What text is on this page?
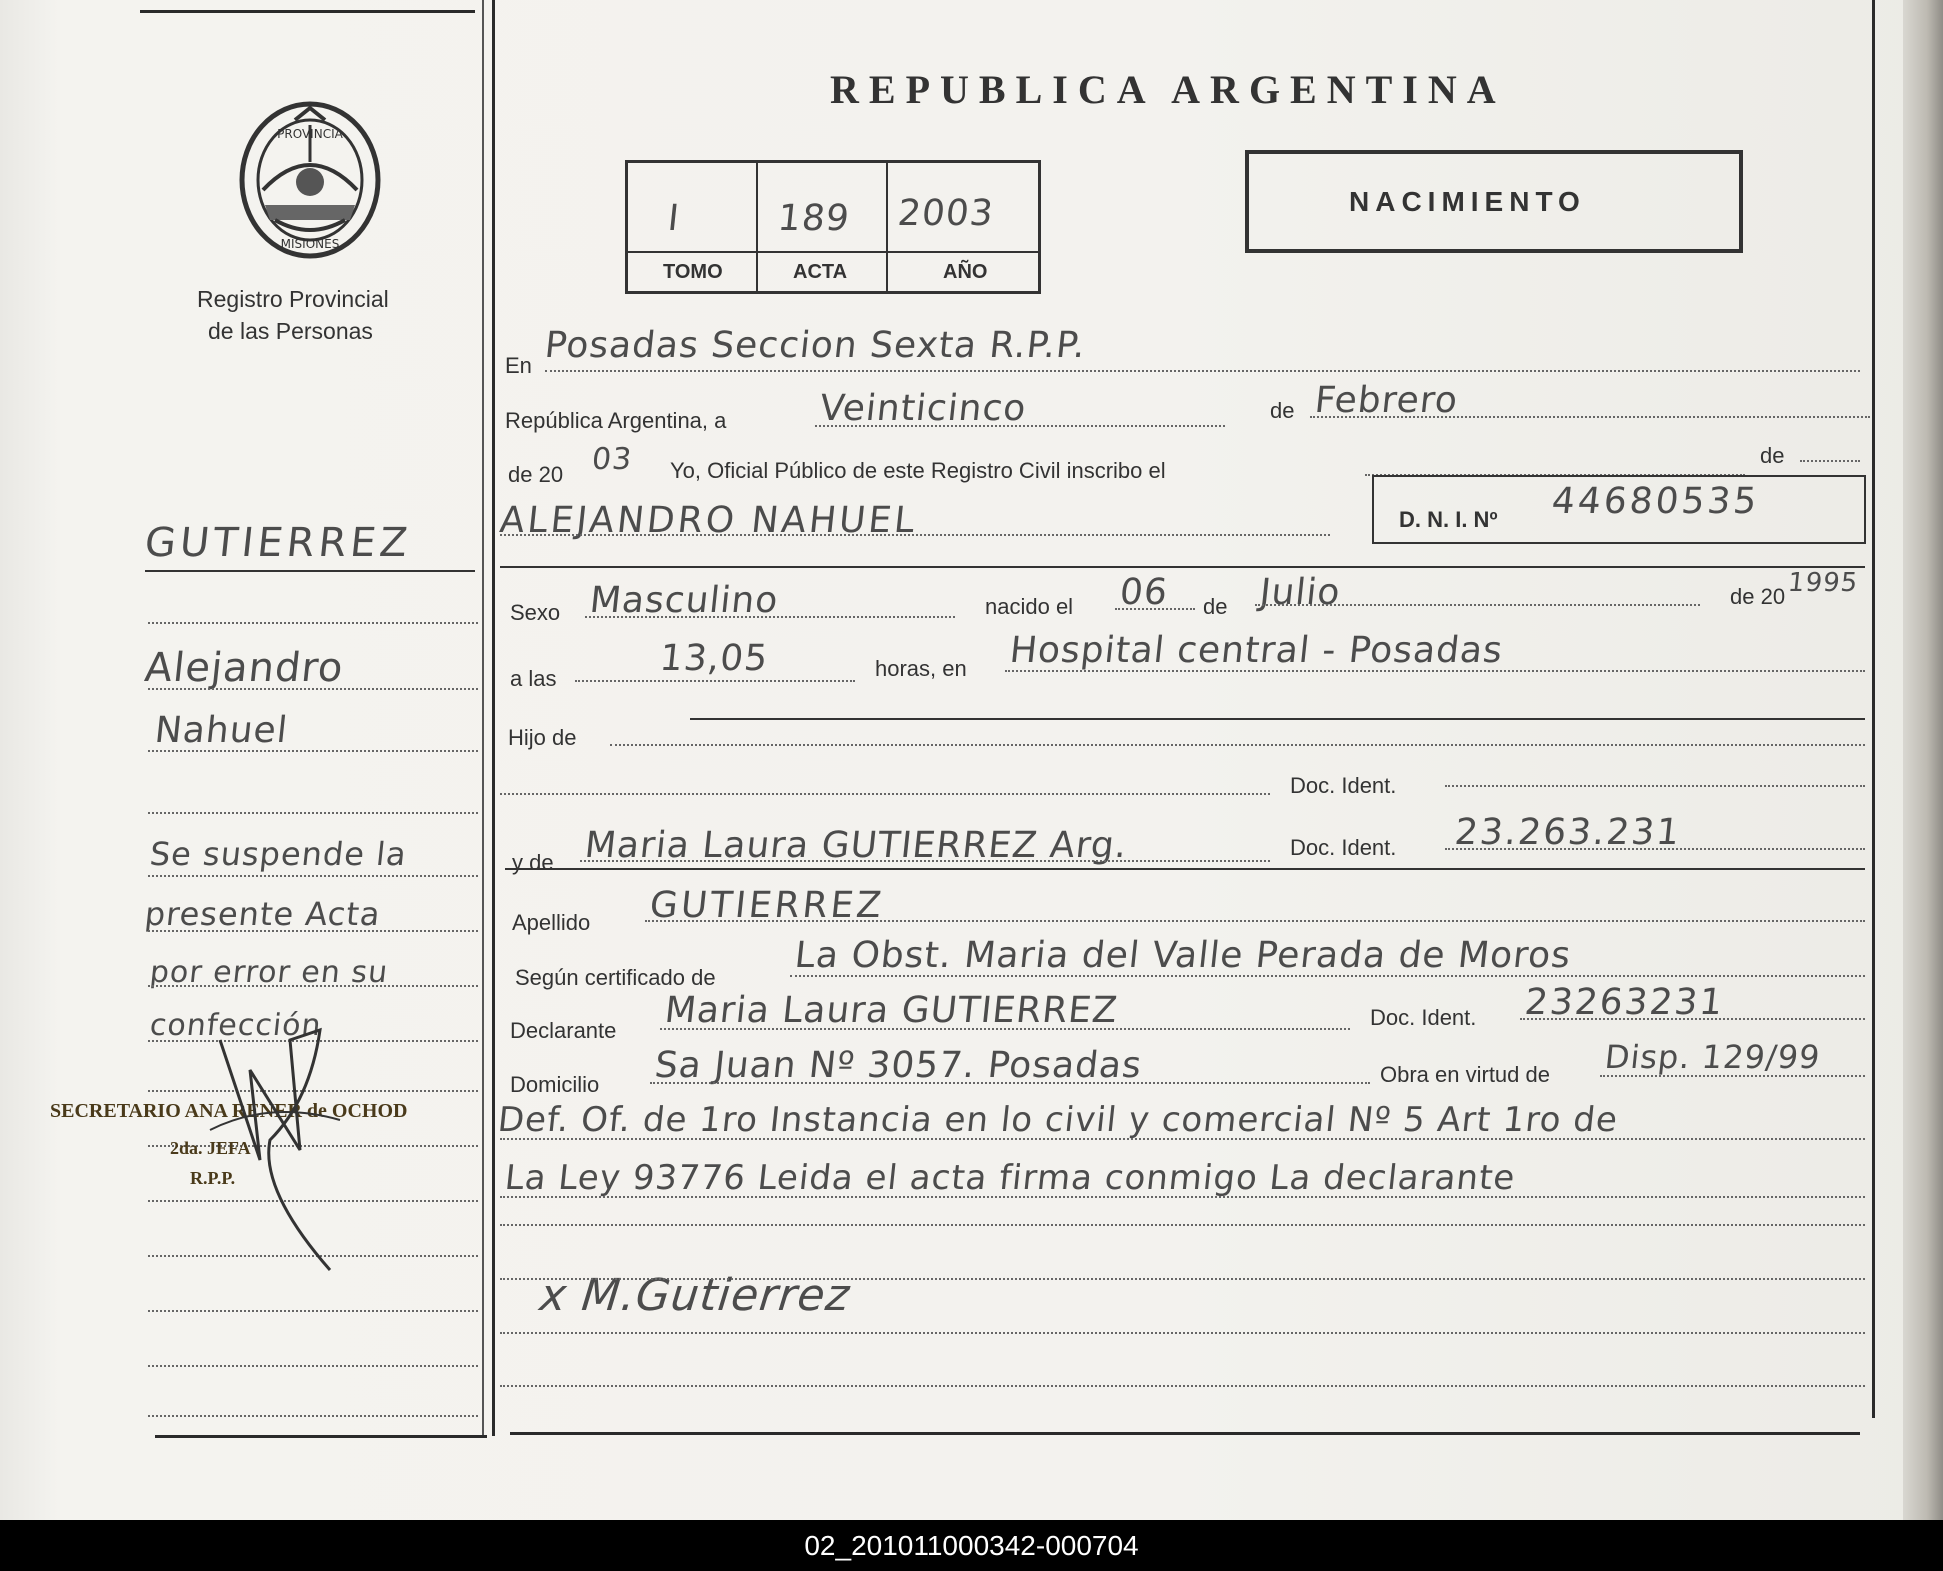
REPUBLICA ARGENTINA
PROVINCIA
MISIONES
Registro Provincial
de las Personas
I	189 2003
TOMO	ACTA	AÑO
NACIMIENTO
GUTIERREZ
Alejandro
Nahuel
Se suspende la
presente Acta
por error en su
confección
SECRETARIO ANA RENER de OCHOD
2da. JEFA
R.P.P.
En Posadas Seccion Sexta R.P.P.
República Argentina, a	Veinticinco	de Febrero
de 20 03 Yo, Oficial Público de este Registro Civil inscribo el
de
ALEJANDRO NAHUEL	D. N. I. Nº 44680535
Sexo Masculino	nacido el 06 de Julio	de 20 1995
a las	13,05	horas, en Hospital central - Posadas
Hijo de
Doc. Ident.
y de Maria Laura GUTIERREZ Arg.	Doc. Ident. 23.263.231
Apellido GUTIERREZ
Según certificado de
La Obst. Maria del Valle Perada de Moros
Declarante Maria Laura GUTIERREZ	Doc. Ident. 23263231
Domicilio Sa Juan Nº 3057. Posadas	Obra en virtud de Disp. 129/99
Def. Of. de 1ro Instancia en lo civil y comercial Nº 5 Art 1ro de
La Ley 93776 Leida el acta firma conmigo La declarante
x M.Gutierrez
02_201011000342-000704
